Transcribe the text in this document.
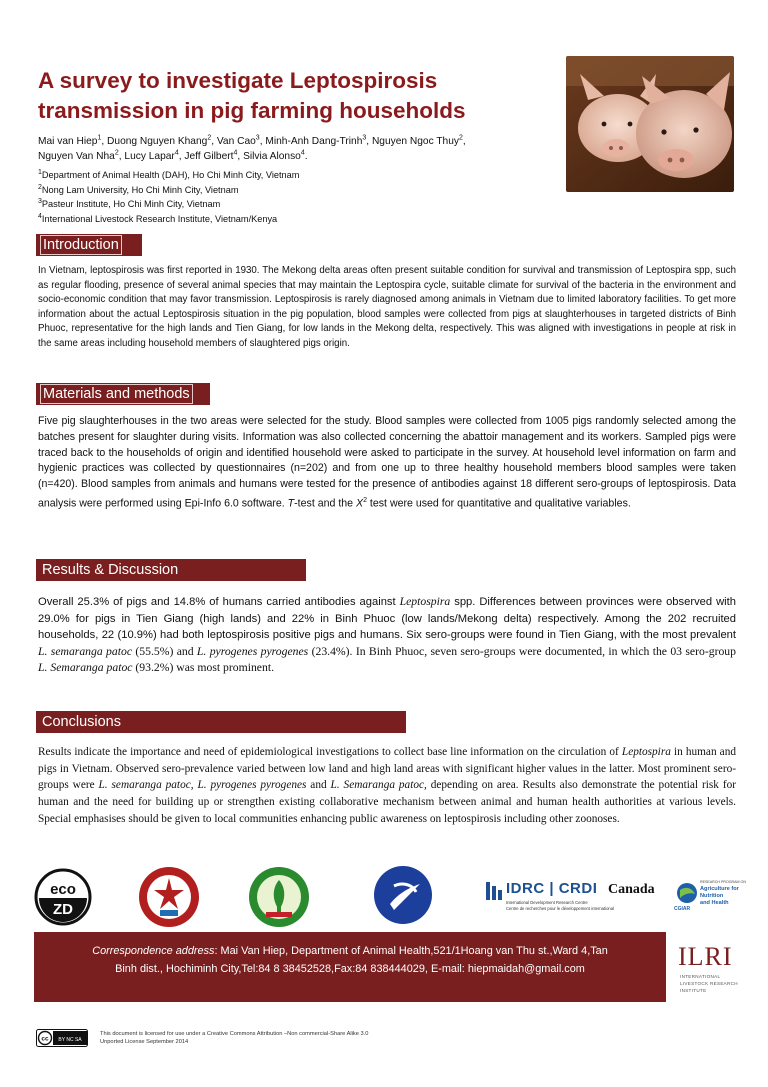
A survey to investigate Leptospirosis
transmission in pig farming households
Mai van Hiep$^1$, Duong Nguyen Khang$^2$, Van Cao$^3$, Minh-Anh Dang-Trinh$^3$, Nguyen Ngoc Thuy$^2$,
Nguyen Van Nha$^2$, Lucy Lapar$^4$, Jeff Gilbert$^4$, Silvia Alonso$^4$.
$^1$Department of Animal Health (DAH), Ho Chi Minh City, Vietnam
$^2$Nong Lam University, Ho Chi Minh City, Vietnam
$^3$Pasteur Institute, Ho Chi Minh City, Vietnam
$^4$International Livestock Research Institute, Vietnam/Kenya
Introduction
In Vietnam, leptospirosis was first reported in 1930. The Mekong delta areas often present suitable condition for survival and transmission of Leptospira spp, such as regular flooding, presence of several animal species that may maintain the Leptospira cycle, suitable climate for survival of the bacteria in the environment and socio-economic condition that may favor transmission. Leptospirosis is rarely diagnosed among animals in Vietnam due to limited laboratory facilities. To get more information about the actual Leptospirosis situation in the pig population, blood samples were collected from pigs at slaughterhouses in targeted districts of Binh Phuoc, representative for the high lands and Tien Giang, for low lands in the Mekong delta, respectively. This was aligned with investigations in people at risk in the same areas including household members of slaughtered pigs origin.
Materials and methods
Five pig slaughterhouses in the two areas were selected for the study. Blood samples were collected from 1005 pigs randomly selected among the batches present for slaughter during visits. Information was also collected concerning the abattoir management and its workers. Sampled pigs were traced back to the households of origin and identified household were asked to participate in the survey. At household level information on farm and hygienic practices was collected by questionnaires (n=202) and from one up to three healthy household members blood samples were taken (n=420). Blood samples from animals and humans were tested for the presence of antibodies against 18 different sero-groups of leptospirosis. Data analysis were performed using Epi-Info 6.0 software. T-test and the $X^2$ test were used for quantitative and qualitative variables.
Results & Discussion
Overall 25.3% of pigs and 14.8% of humans carried antibodies against Leptospira spp. Differences between provinces were observed with 29.0% for pigs in Tien Giang (high lands) and 22% in Binh Phuoc (low lands/Mekong delta) respectively. Among the 202 recruited households, 22 (10.9%) had both leptospirosis positive pigs and humans. Six sero-groups were found in Tien Giang, with the most prevalent L. semaranga patoc (55.5%) and L. pyrogenes pyrogenes (23.4%). In Binh Phuoc, seven sero-groups were documented, in which the 03 sero-group L. Semaranga patoc (93.2%) was most prominent.
Conclusions
Results indicate the importance and need of epidemiological investigations to collect base line information on the circulation of Leptospira in human and pigs in Vietnam. Observed sero-prevalence varied between low land and high land areas with significant higher values in the latter. Most prominent sero-groups were L. semaranga patoc, L. pyrogenes pyrogenes and L. Semaranga patoc, depending on area. Results also demonstrate the potential risk for human and the need for building up or strengthen existing collaborative mechanism between animal and human health authorities at various levels. Special emphasises should be given to local communities enhancing public awareness on leptospirosis including other zoonoses.
eco
ZD
IDRC | CRDI
International Development Research Centre
Centre de recherches pour le développement international
Canada
CGIAR
RESEARCH PROGRAM ON
Agriculture for
Nutrition
and Health
Correspondence address: Mai Van Hiep, Department of Animal Health,521/1Hoang van Thu st.,Ward 4,Tan
Binh dist., Hochiminh City,Tel:84 8 38452528,Fax:84 838444029, E-mail: hiepmaidah@gmail.com	ILRI
INTERNATIONAL
LIVESTOCK RESEARCH
INSTITUTE
cc BY NC SA
This document is licensed for use under a Creative Commons Attribution –Non commercial-Share Alike 3.0
Unported License September 2014
